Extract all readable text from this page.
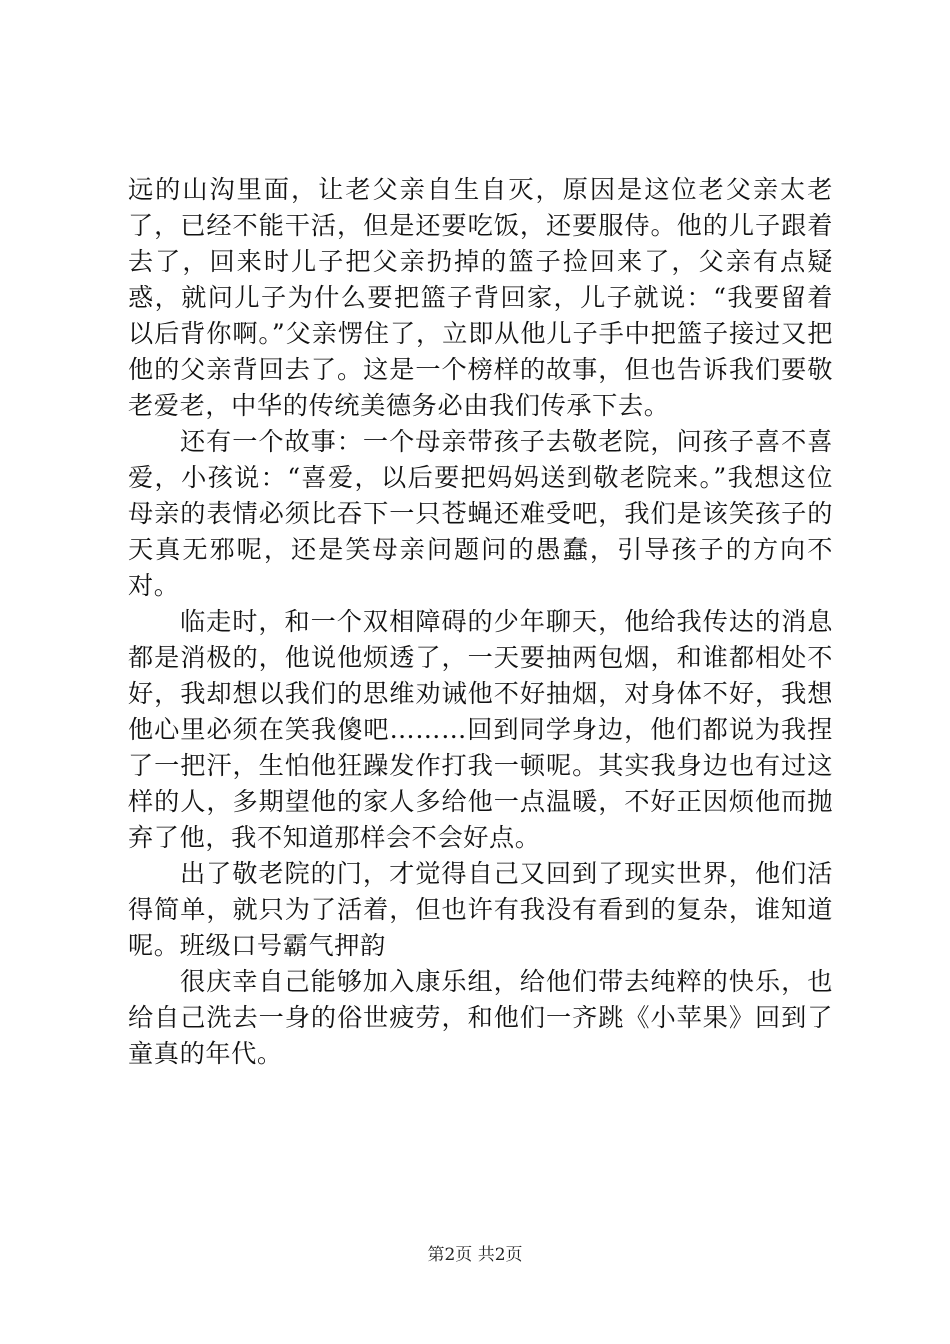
远的山沟里面，让老父亲自生自灭，原因是这位老父亲太老了，已经不能干活，但是还要吃饭，还要服侍。他的儿子跟着去了，回来时儿子把父亲扔掉的篮子捡回来了，父亲有点疑惑，就问儿子为什么要把篮子背回家，儿子就说：“我要留着以后背你啊。”父亲愣住了，立即从他儿子手中把篮子接过又把他的父亲背回去了。这是一个榜样的故事，但也告诉我们要敬老爱老，中华的传统美德务必由我们传承下去。

还有一个故事：一个母亲带孩子去敬老院，问孩子喜不喜爱，小孩说：“喜爱，以后要把妈妈送到敬老院来。”我想这位母亲的表情必须比吞下一只苍蝇还难受吧，我们是该笑孩子的天真无邪呢，还是笑母亲问题问的愚蠢，引导孩子的方向不对。

临走时，和一个双相障碍的少年聊天，他给我传达的消息都是消极的，他说他烦透了，一天要抽两包烟，和谁都相处不好，我却想以我们的思维劝诫他不好抽烟，对身体不好，我想他心里必须在笑我傻吧………回到同学身边，他们都说为我捏了一把汗，生怕他狂躁发作打我一顿呢。其实我身边也有过这样的人，多期望他的家人多给他一点温暖，不好正因烦他而抛弃了他，我不知道那样会不会好点。

出了敬老院的门，才觉得自己又回到了现实世界，他们活得简单，就只为了活着，但也许有我没有看到的复杂，谁知道呢。班级口号霸气押韵

很庆幸自己能够加入康乐组，给他们带去纯粹的快乐，也给自己洗去一身的俗世疲劳，和他们一齐跳《小苹果》回到了童真的年代。

第2页 共2页
